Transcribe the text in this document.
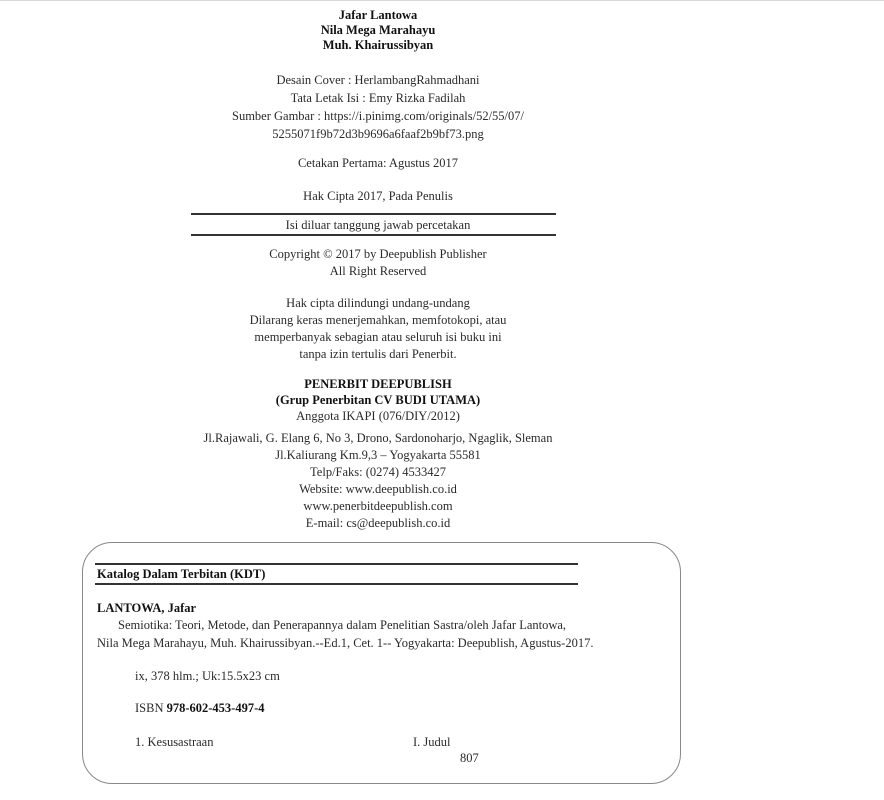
Jafar Lantowa
Nila Mega Marahayu
Muh. Khairussibyan
Desain Cover : HerlambangRahmadhani
Tata Letak Isi : Emy Rizka Fadilah
Sumber Gambar : https://i.pinimg.com/originals/52/55/07/
5255071f9b72d3b9696a6faaf2b9bf73.png
Cetakan Pertama: Agustus 2017
Hak Cipta 2017, Pada Penulis
Isi diluar tanggung jawab percetakan
Copyright © 2017 by Deepublish Publisher
All Right Reserved
Hak cipta dilindungi undang-undang
Dilarang keras menerjemahkan, memfotokopi, atau
memperbanyak sebagian atau seluruh isi buku ini
tanpa izin tertulis dari Penerbit.
PENERBIT DEEPUBLISH
(Grup Penerbitan CV BUDI UTAMA)
Anggota IKAPI (076/DIY/2012)
Jl.Rajawali, G. Elang 6, No 3, Drono, Sardonoharjo, Ngaglik, Sleman
Jl.Kaliurang Km.9,3 – Yogyakarta 55581
Telp/Faks: (0274) 4533427
Website: www.deepublish.co.id
www.penerbitdeepublish.com
E-mail: cs@deepublish.co.id
Katalog Dalam Terbitan (KDT)
LANTOWA, Jafar
Semiotika: Teori, Metode, dan Penerapannya dalam Penelitian Sastra/oleh Jafar Lantowa,
Nila Mega Marahayu, Muh. Khairussibyan.--Ed.1, Cet. 1-- Yogyakarta: Deepublish, Agustus-2017.
ix, 378 hlm.; Uk:15.5x23 cm
ISBN 978-602-453-497-4
1. Kesusastraan	I. Judul
807
